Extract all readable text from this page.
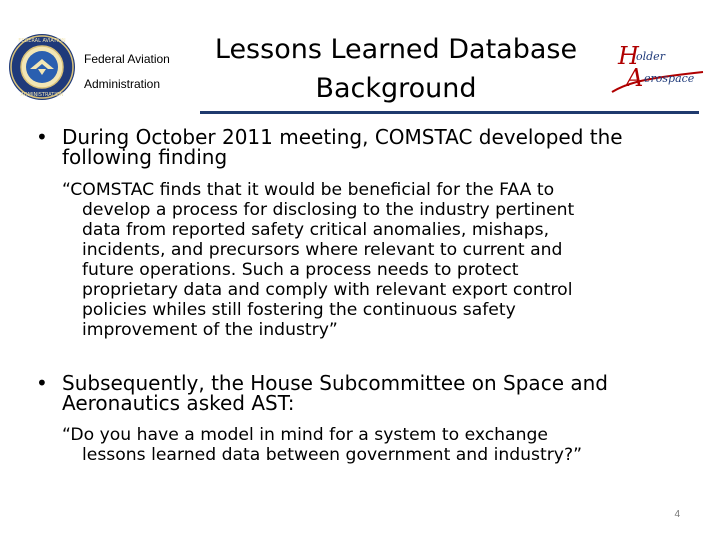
FEDERAL AVIATION
ADMINISTRATION
Federal Aviation
Administration
Lessons Learned Database
Background
H
older
A erospace
• During October 2011 meeting, COMSTAC developed the
following finding
“COMSTAC finds that it would be beneficial for the FAA to
develop a process for disclosing to the industry pertinent
data from reported safety critical anomalies, mishaps,
incidents, and precursors where relevant to current and
future operations. Such a process needs to protect
proprietary data and comply with relevant export control
policies whiles still fostering the continuous safety
improvement of the industry”
• Subsequently, the House Subcommittee on Space and
Aeronautics asked AST:
“Do you have a model in mind for a system to exchange
lessons learned data between government and industry?”
4
